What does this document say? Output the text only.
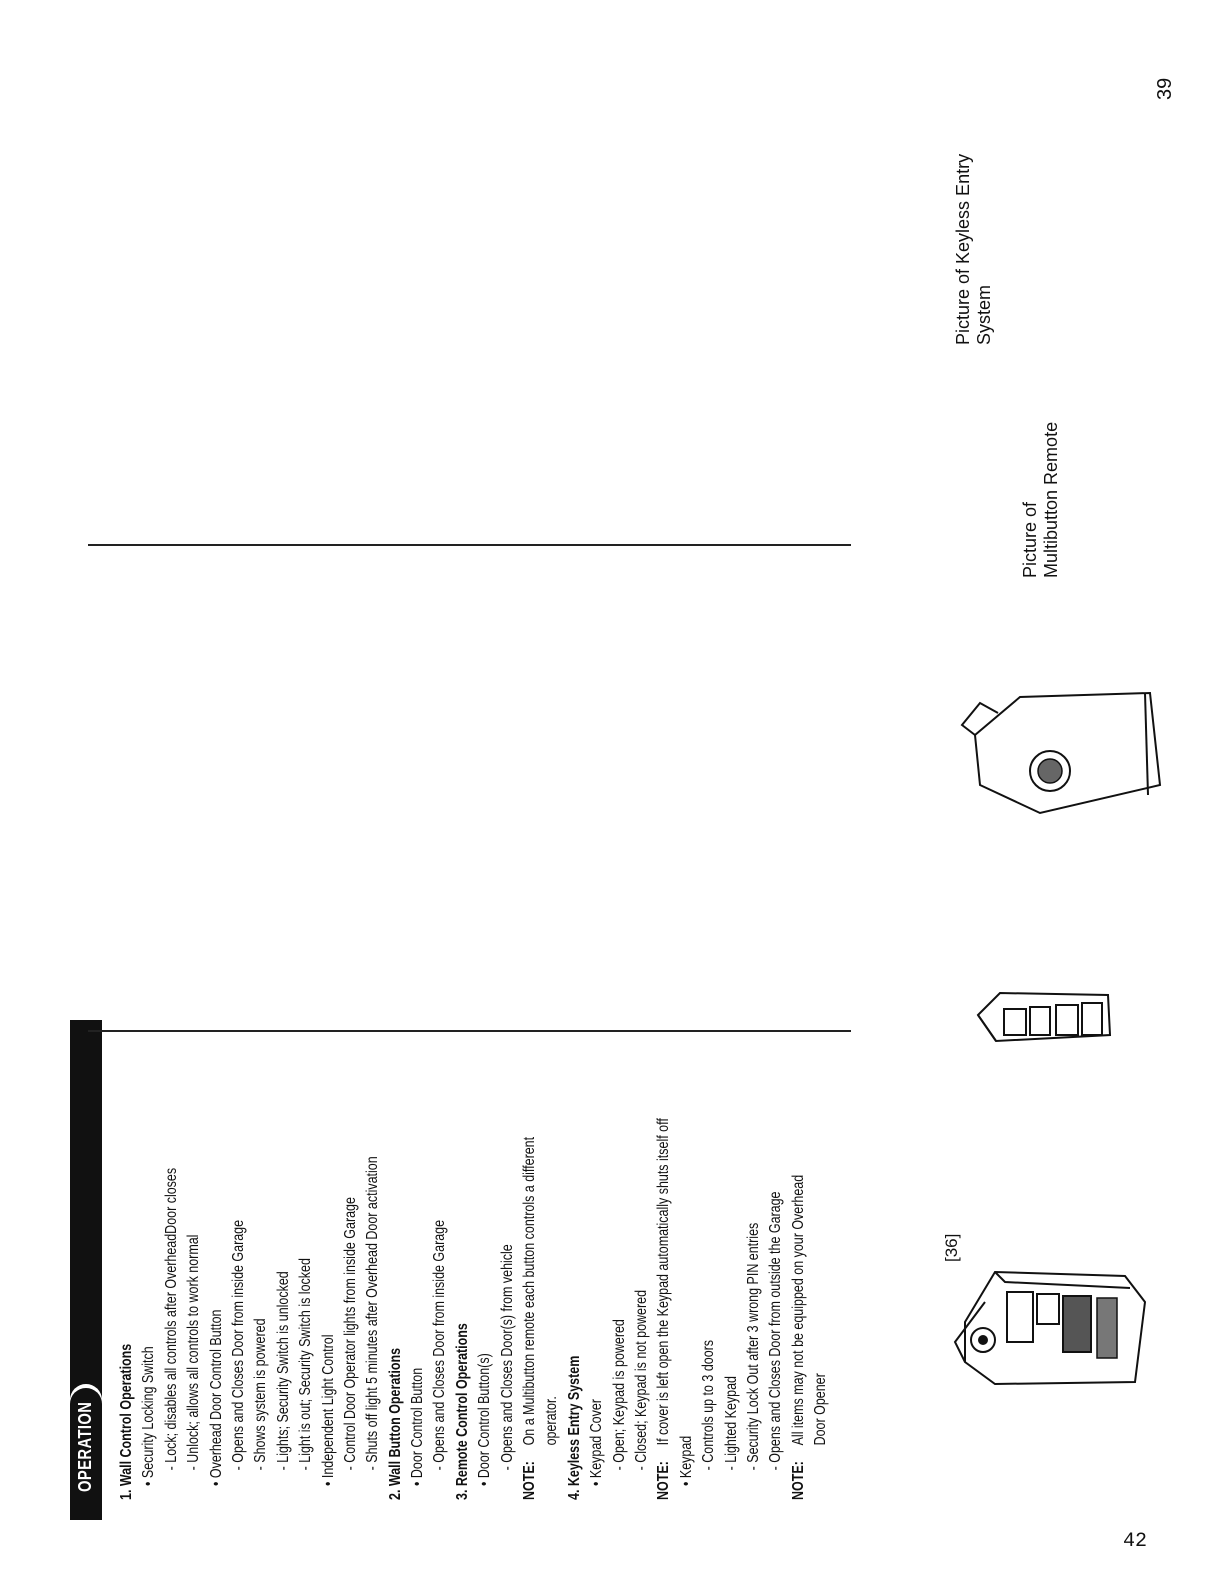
OPERATION 1. Wall Control Operations • Security Locking Switch - Lock; disables all controls after OverheadDoor closes - Unlock; allows all controls to work normal • Overhead Door Control Button - Opens and Closes Door from inside Garage - Shows system is powered - Lights; Security Switch is unlocked - Light is out; Security Switch is locked • Independent Light Control - Control Door Operator lights from inside Garage - Shuts off light 5 minutes after Overhead Door activation 2. Wall Button Operations • Door Control Button - Opens and Closes Door from inside Garage 3. Remote Control Operations • Door Control Button(s) - Opens and Closes Door(s) from vehicle
NOTE:On a Multibutton remote each button controls a different operator. 4. Keyless Entry System • Keypad Cover - Open; Keypad is powered - Closed; Keypad is not powered
NOTE:If cover is left open the Keypad automatically shuts itself off
• Keypad - Controls up to 3 doors - Lighted Keypad - Security Lock Out after 3 wrong PIN entries - Opens and Closes Door from outside the Garage
NOTE:All items may not be equipped on your Overhead Door Opener
[36]
Picture of Multibutton Remote
Picture of Keyless Entry System
39
42
